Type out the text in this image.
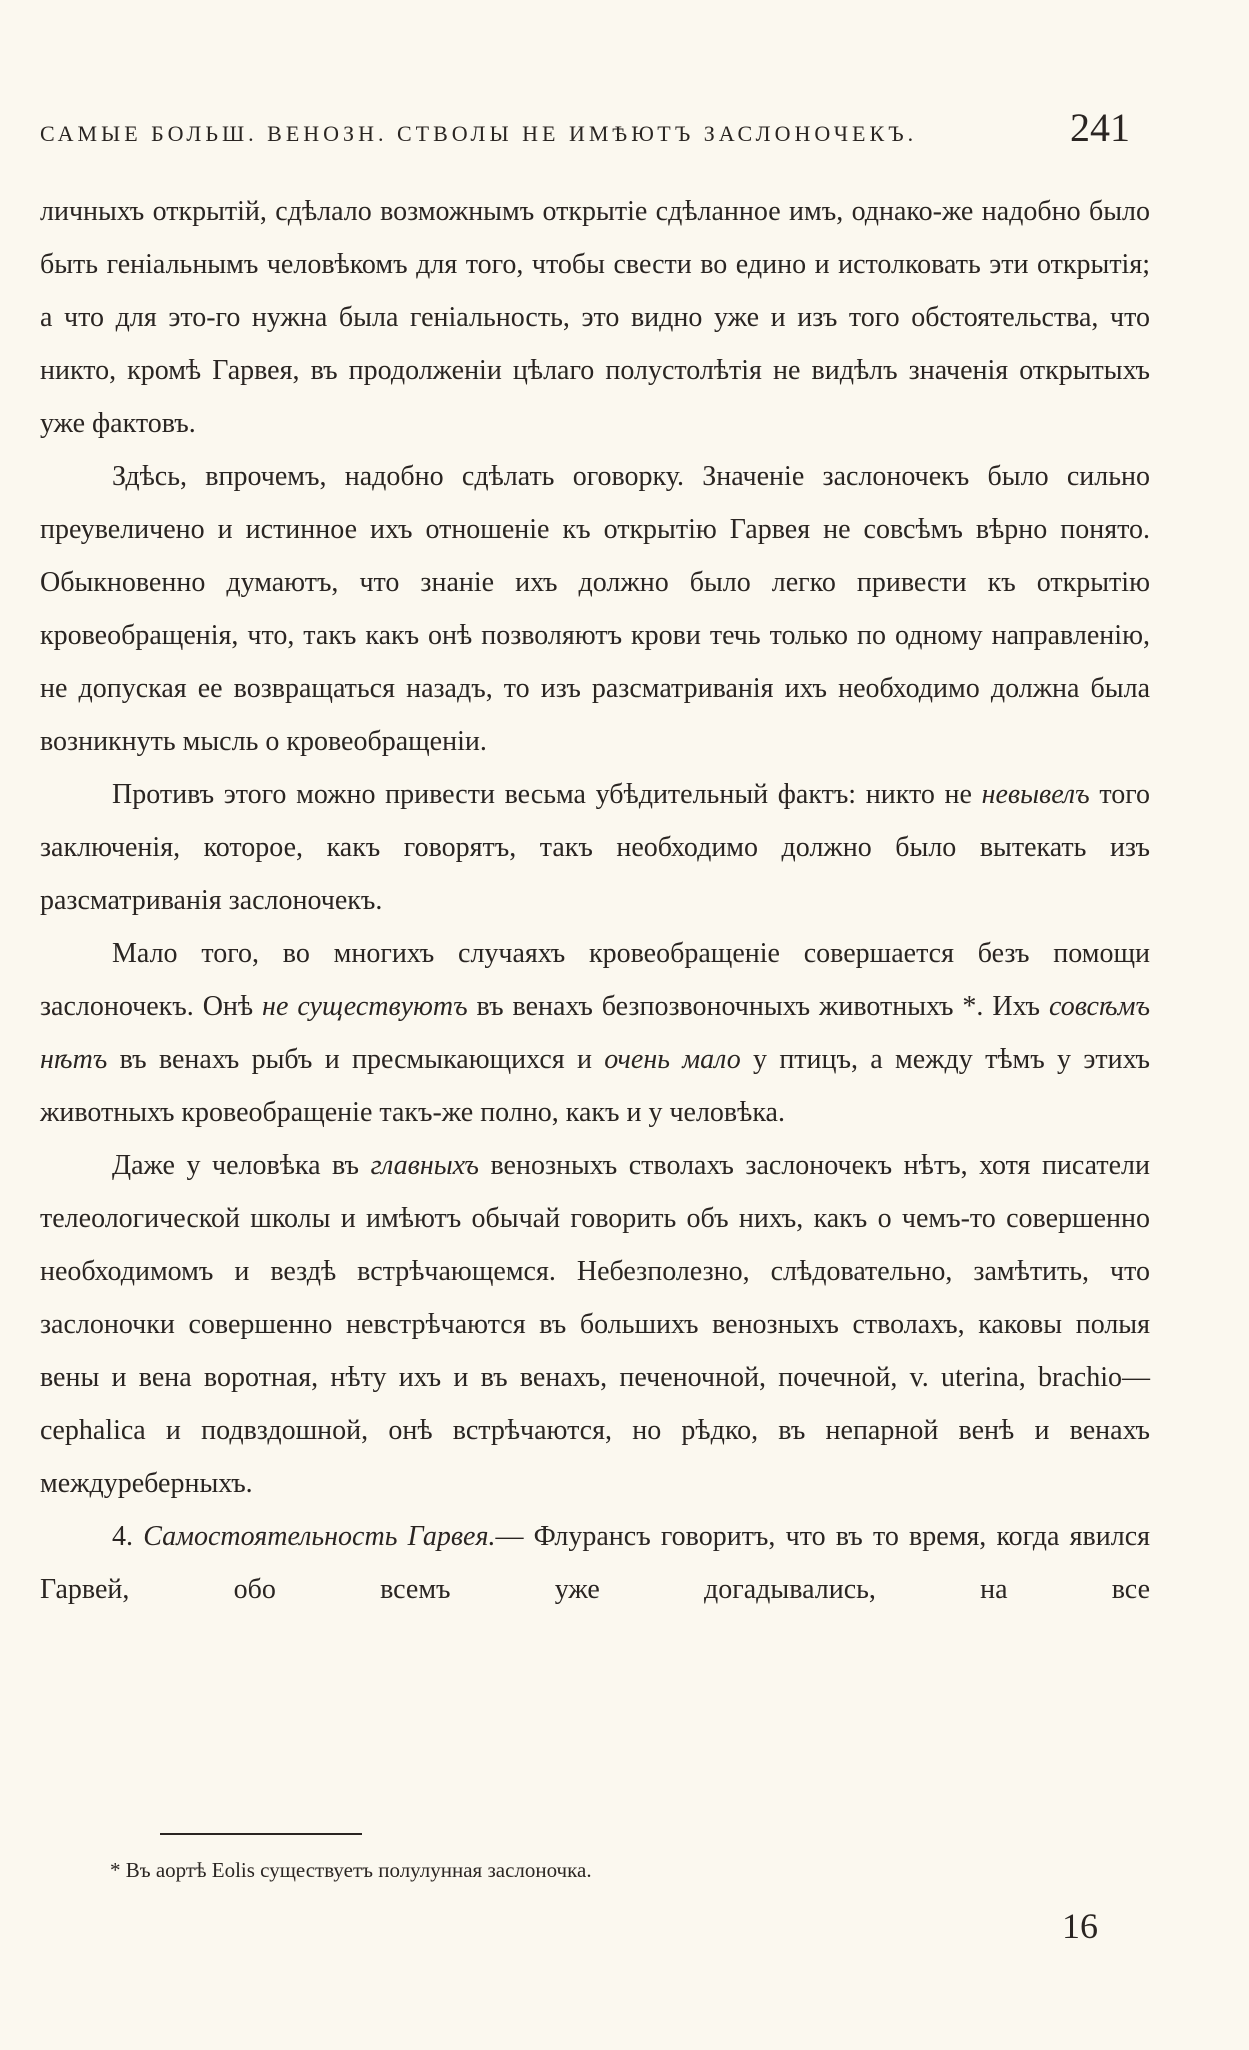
САМЫЕ БОЛЬШ. ВЕНОЗН. СТВОЛЫ НЕ ИМѢЮТЪ ЗАСЛОНОЧЕКЪ.	241

личныхъ открытій, сдѣлало возможнымъ открытіе сдѣланное имъ, однако-же надобно было быть геніальнымъ человѣкомъ для того, чтобы свести во едино и истолковать эти открытія; а что для это-го нужна была геніальность, это видно уже и изъ того обстоятельства, что никто, кромѣ Гарвея, въ продолженіи цѣлаго полустолѣтія не видѣлъ значенія открытыхъ уже фактовъ.

Здѣсь, впрочемъ, надобно сдѣлать оговорку. Значеніе заслоночекъ было сильно преувеличено и истинное ихъ отношеніе къ открытію Гарвея не совсѣмъ вѣрно понято. Обыкновенно думаютъ, что знаніе ихъ должно было легко привести къ открытію кровеобращенія, что, такъ какъ онѣ позволяютъ крови течь только по одному направленію, не допуская ее возвращаться назадъ, то изъ разсматриванія ихъ необходимо должна была возникнуть мысль о кровеобращеніи.

Противъ этого можно привести весьма убѣдительный фактъ: никто не невывелъ того заключенія, которое, какъ говорятъ, такъ необходимо должно было вытекать изъ разсматриванія заслоночекъ.

Мало того, во многихъ случаяхъ кровеобращеніе совершается безъ помощи заслоночекъ. Онѣ не существуютъ въ венахъ безпозвоночныхъ животныхъ *. Ихъ совсѣмъ нѣтъ въ венахъ рыбъ и пресмыкающихся и очень мало у птицъ, а между тѣмъ у этихъ животныхъ кровеобращеніе такъ-же полно, какъ и у человѣка.

Даже у человѣка въ главныхъ венозныхъ стволахъ заслоночекъ нѣтъ, хотя писатели телеологической школы и имѣютъ обычай говорить объ нихъ, какъ о чемъ-то совершенно необходимомъ и вездѣ встрѣчающемся. Небезполезно, слѣдовательно, замѣтить, что заслоночки совершенно невстрѣчаются въ большихъ венозныхъ стволахъ, каковы полыя вены и вена воротная, нѣту ихъ и въ венахъ, печеночной, почечной, v. uterina, brachio—cephalica и подвздошной, онѣ встрѣчаются, но рѣдко, въ непарной венѣ и венахъ междуреберныхъ.

4. Самостоятельность Гарвея.— Флурансъ говоритъ, что въ то время, когда явился Гарвей, обо всемъ уже догадывались, на все

* Въ аортѣ Eolis существуетъ полулунная заслоночка.
16
